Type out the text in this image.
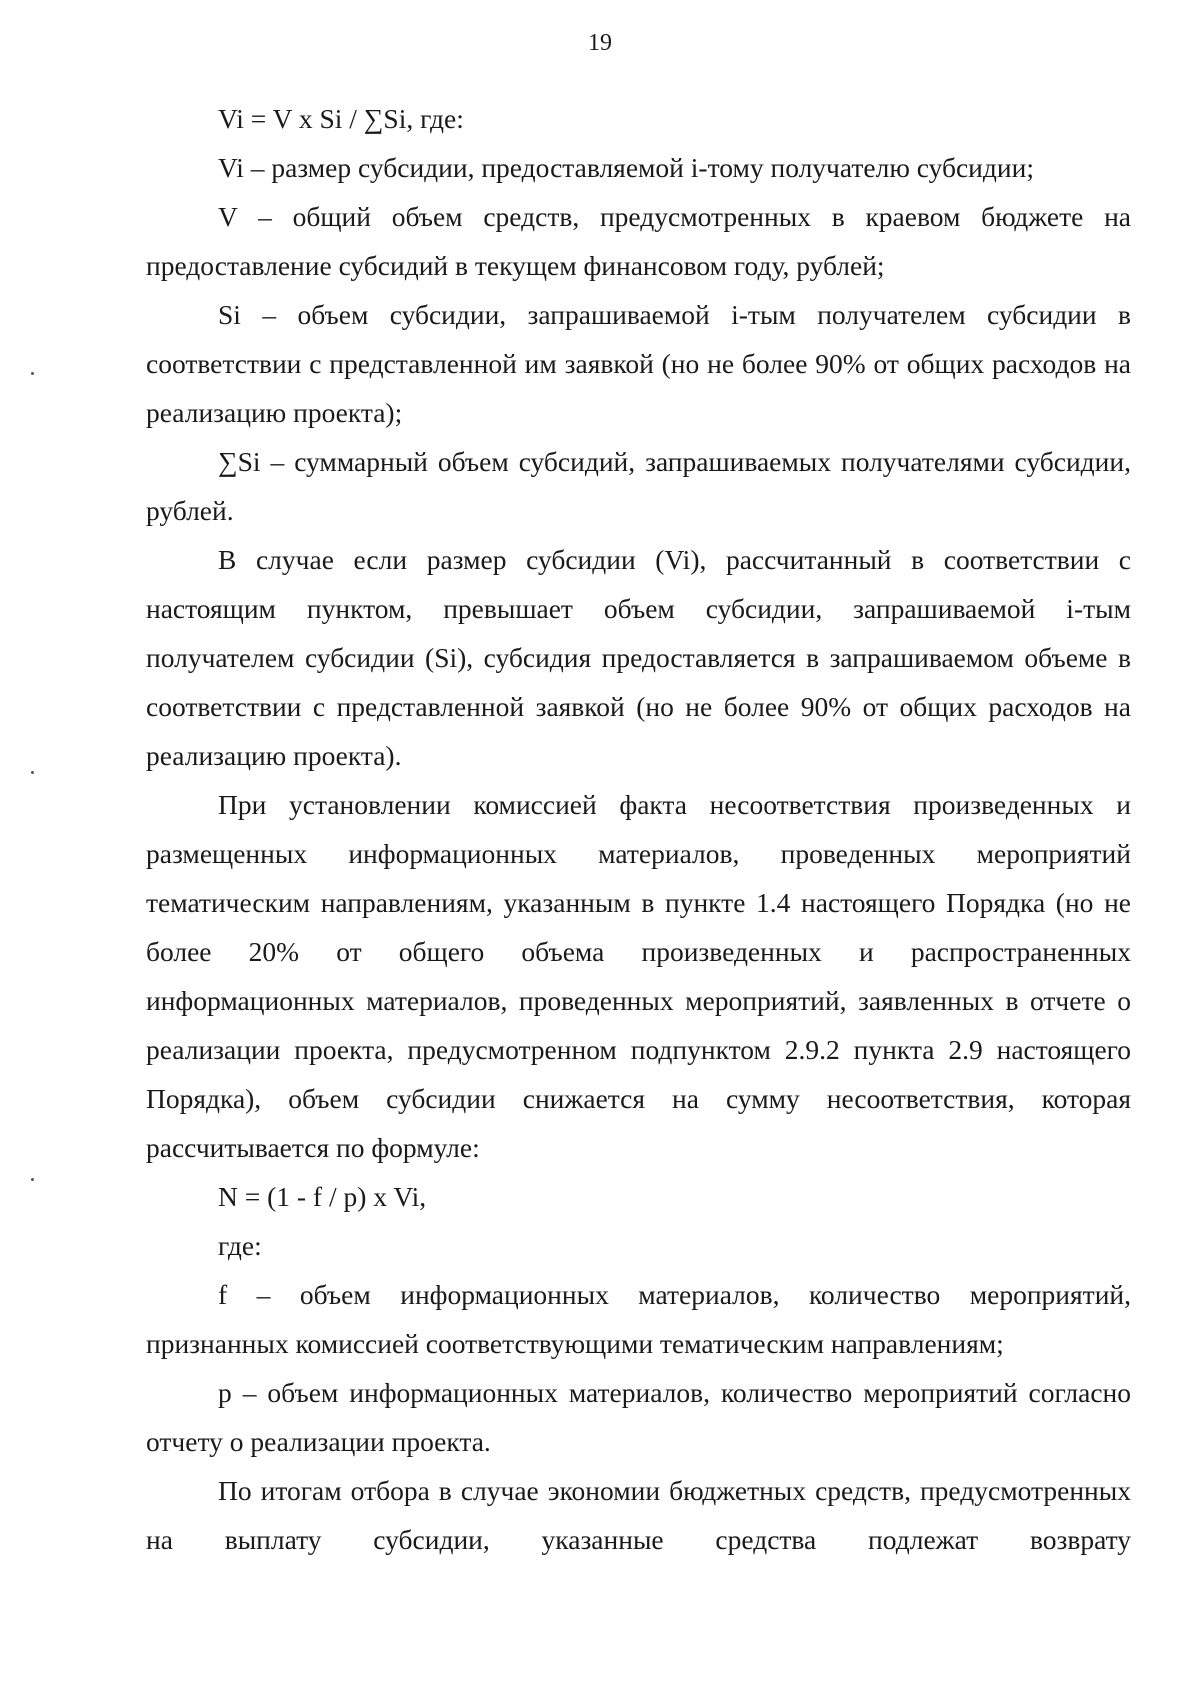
19

Vi = V x Si / ∑Si, где:

Vi – размер субсидии, предоставляемой i-тому получателю субсидии;

V – общий объем средств, предусмотренных в краевом бюджете на предоставление субсидий в текущем финансовом году, рублей;

Si – объем субсидии, запрашиваемой i-тым получателем субсидии в соответствии с представленной им заявкой (но не более 90% от общих расходов на реализацию проекта);

∑Si – суммарный объем субсидий, запрашиваемых получателями субсидии, рублей.

В случае если размер субсидии (Vi), рассчитанный в соответствии с настоящим пунктом, превышает объем субсидии, запрашиваемой i-тым получателем субсидии (Si), субсидия предоставляется в запрашиваемом объеме в соответствии с представленной заявкой (но не более 90% от общих расходов на реализацию проекта).

При установлении комиссией факта несоответствия произведенных и размещенных информационных материалов, проведенных мероприятий тематическим направлениям, указанным в пункте 1.4 настоящего Порядка (но не более 20% от общего объема произведенных и распространенных информационных материалов, проведенных мероприятий, заявленных в отчете о реализации проекта, предусмотренном подпунктом 2.9.2 пункта 2.9 настоящего Порядка), объем субсидии снижается на сумму несоответствия, которая рассчитывается по формуле:

N = (1 - f / p) x Vi,

где:

f – объем информационных материалов, количество мероприятий, признанных комиссией соответствующими тематическим направлениям;

p – объем информационных материалов, количество мероприятий согласно отчету о реализации проекта.

По итогам отбора в случае экономии бюджетных средств, предусмотренных на выплату субсидии, указанные средства подлежат возврату
